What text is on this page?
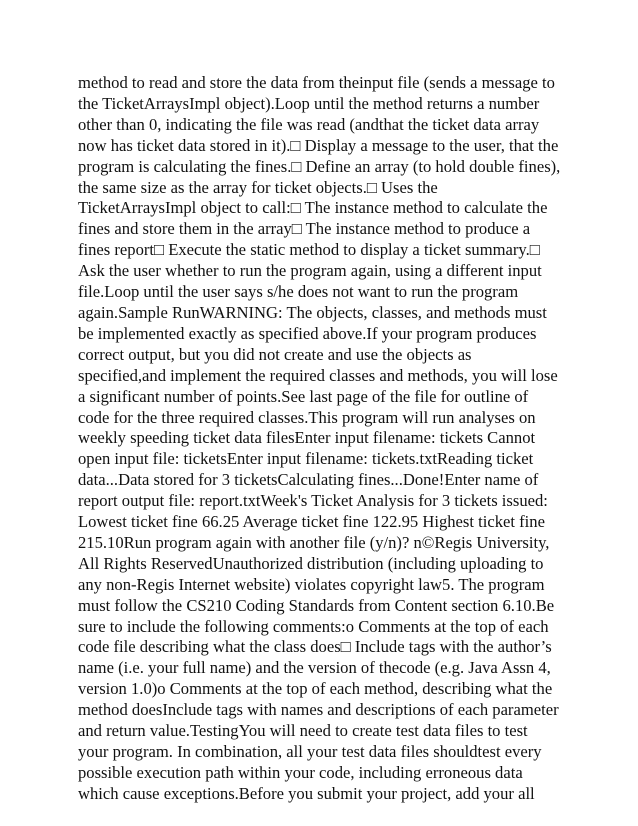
method to read and store the data from theinput file (sends a message to
the TicketArraysImpl object).Loop until the method returns a number
other than 0, indicating the file was read (andthat the ticket data array
now has ticket data stored in it).□ Display a message to the user, that the
program is calculating the fines.□ Define an array (to hold double fines),
the same size as the array for ticket objects.□ Uses the
TicketArraysImpl object to call:□ The instance method to calculate the
fines and store them in the array□ The instance method to produce a
fines report□ Execute the static method to display a ticket summary.□
Ask the user whether to run the program again, using a different input
file.Loop until the user says s/he does not want to run the program
again.Sample RunWARNING: The objects, classes, and methods must
be implemented exactly as specified above.If your program produces
correct output, but you did not create and use the objects as
specified,and implement the required classes and methods, you will lose
a significant number of points.See last page of the file for outline of
code for the three required classes.This program will run analyses on
weekly speeding ticket data filesEnter input filename: tickets Cannot
open input file: ticketsEnter input filename: tickets.txtReading ticket
data...Data stored for 3 ticketsCalculating fines...Done!Enter name of
report output file: report.txtWeek's Ticket Analysis for 3 tickets issued:
Lowest ticket fine 66.25 Average ticket fine 122.95 Highest ticket fine
215.10Run program again with another file (y/n)? n©Regis University,
All Rights ReservedUnauthorized distribution (including uploading to
any non-Regis Internet website) violates copyright law5. The program
must follow the CS210 Coding Standards from Content section 6.10.Be
sure to include the following comments:o Comments at the top of each
code file describing what the class does□ Include tags with the author’s
name (i.e. your full name) and the version of thecode (e.g. Java Assn 4,
version 1.0)o Comments at the top of each method, describing what the
method doesInclude tags with names and descriptions of each parameter
and return value.TestingYou will need to create test data files to test
your program. In combination, all your test data files shouldtest every
possible execution path within your code, including erroneous data
which cause exceptions.Before you submit your project, add your all
